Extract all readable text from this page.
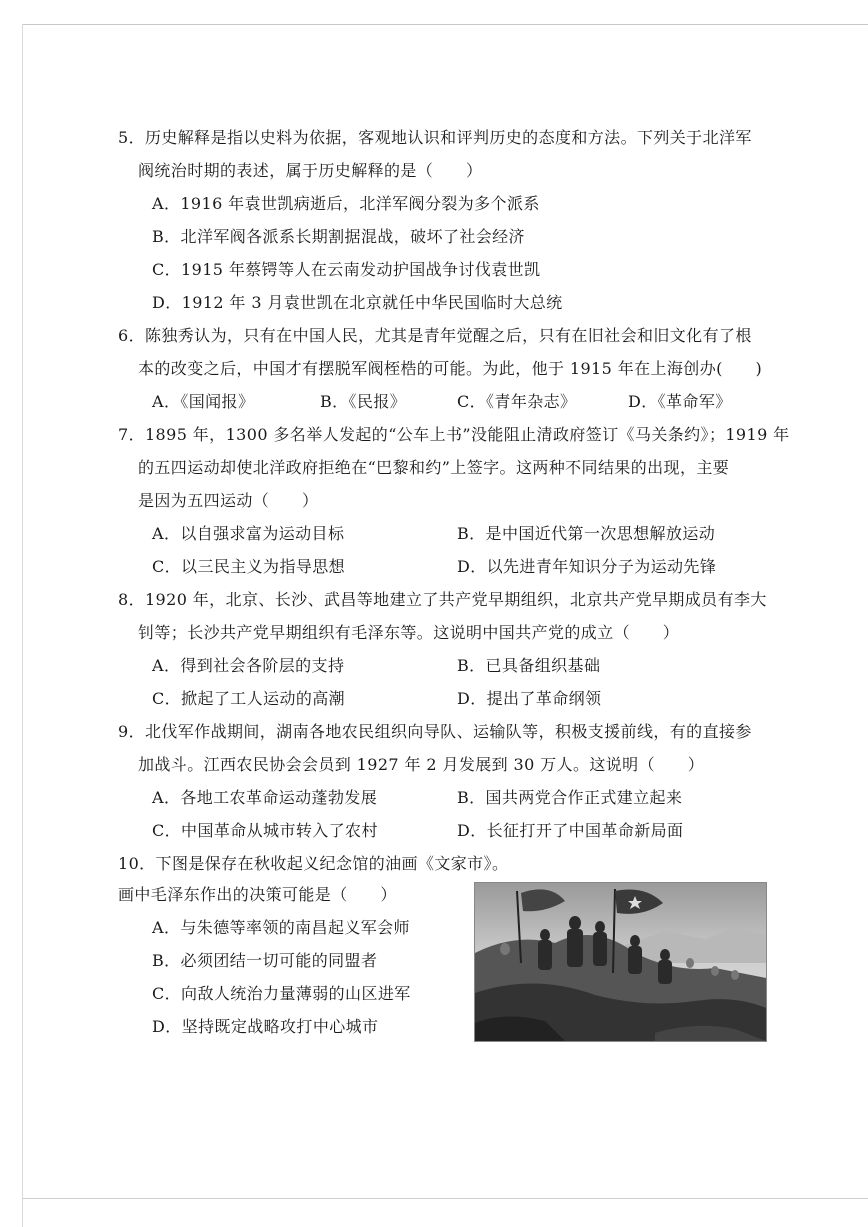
5．历史解释是指以史料为依据，客观地认识和评判历史的态度和方法。下列关于北洋军
阀统治时期的表述，属于历史解释的是（　　）
A．1916 年袁世凯病逝后，北洋军阀分裂为多个派系
B．北洋军阀各派系长期割据混战，破坏了社会经济
C．1915 年蔡锷等人在云南发动护国战争讨伐袁世凯
D．1912 年 3 月袁世凯在北京就任中华民国临时大总统
6．陈独秀认为，只有在中国人民，尤其是青年觉醒之后，只有在旧社会和旧文化有了根
本的改变之后，中国才有摆脱军阀桎梏的可能。为此，他于 1915 年在上海创办(　　)
A．《国闻报》	B．《民报》	C．《青年杂志》	D．《革命军》
7．1895 年，1300 多名举人发起的“公车上书”没能阻止清政府签订《马关条约》；1919 年
的五四运动却使北洋政府拒绝在“巴黎和约”上签字。这两种不同结果的出现，主要
是因为五四运动（　　）
A．以自强求富为运动目标	B．是中国近代第一次思想解放运动
C．以三民主义为指导思想	D．以先进青年知识分子为运动先锋
8．1920 年，北京、长沙、武昌等地建立了共产党早期组织，北京共产党早期成员有李大
钊等；长沙共产党早期组织有毛泽东等。这说明中国共产党的成立（　　）
A．得到社会各阶层的支持	B．已具备组织基础
C．掀起了工人运动的高潮	D．提出了革命纲领
9．北伐军作战期间，湖南各地农民组织向导队、运输队等，积极支援前线，有的直接参
加战斗。江西农民协会会员到 1927 年 2 月发展到 30 万人。这说明（　　）
A．各地工农革命运动蓬勃发展	B．国共两党合作正式建立起来
C．中国革命从城市转入了农村	D．长征打开了中国革命新局面
10．下图是保存在秋收起义纪念馆的油画《文家市》。
画中毛泽东作出的决策可能是（　　）
A．与朱德等率领的南昌起义军会师
B．必须团结一切可能的同盟者
C．向敌人统治力量薄弱的山区进军
D．坚持既定战略攻打中心城市
